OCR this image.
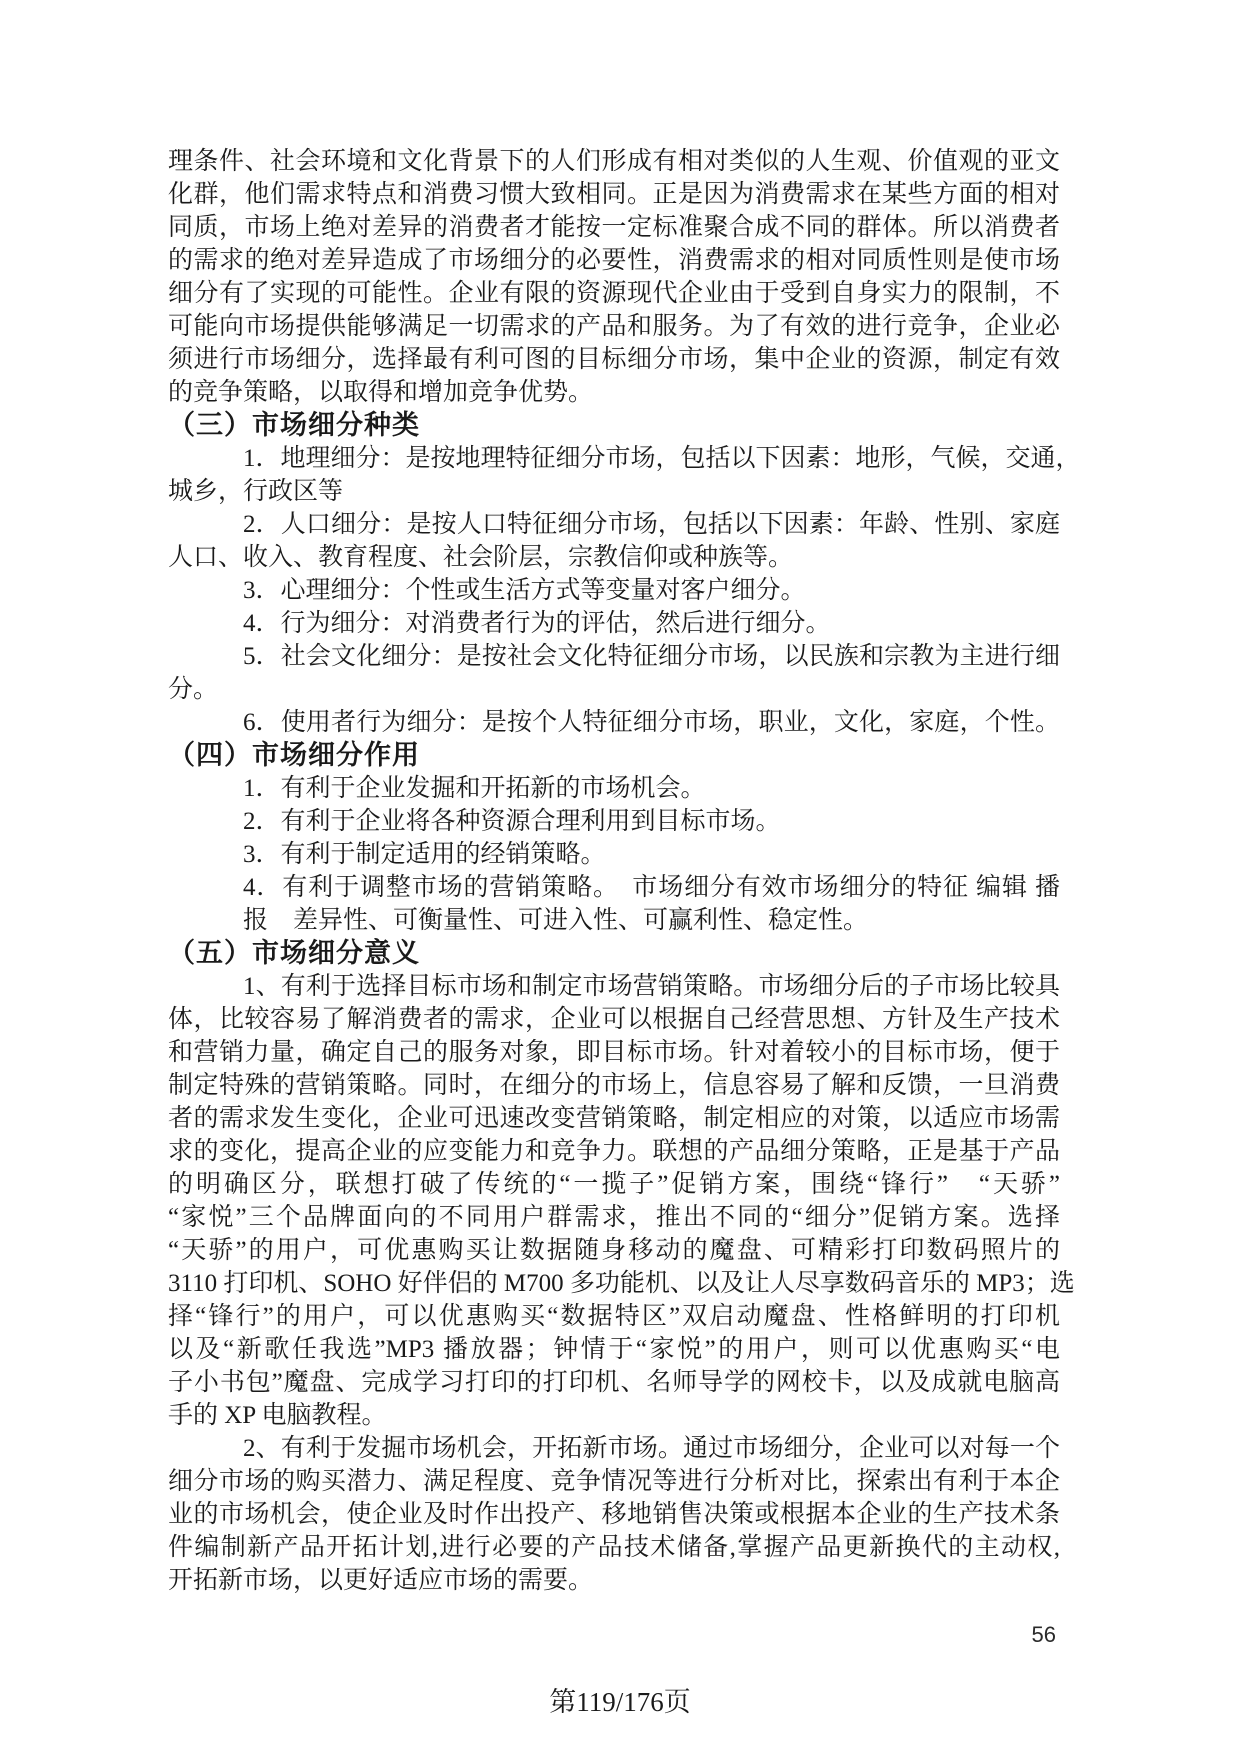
理条件、社会环境和文化背景下的人们形成有相对类似的人生观、价值观的亚文
化群，他们需求特点和消费习惯大致相同。正是因为消费需求在某些方面的相对
同质，市场上绝对差异的消费者才能按一定标准聚合成不同的群体。所以消费者
的需求的绝对差异造成了市场细分的必要性，消费需求的相对同质性则是使市场
细分有了实现的可能性。企业有限的资源现代企业由于受到自身实力的限制，不
可能向市场提供能够满足一切需求的产品和服务。为了有效的进行竞争，企业必
须进行市场细分，选择最有利可图的目标细分市场，集中企业的资源，制定有效
的竞争策略，以取得和增加竞争优势。
（三）市场细分种类
1．地理细分：是按地理特征细分市场，包括以下因素：地形，气候，交通，
城乡，行政区等
2．人口细分：是按人口特征细分市场，包括以下因素：年龄、性别、家庭
人口、收入、教育程度、社会阶层，宗教信仰或种族等。
3．心理细分：个性或生活方式等变量对客户细分。
4．行为细分：对消费者行为的评估，然后进行细分。
5．社会文化细分：是按社会文化特征细分市场，以民族和宗教为主进行细
分。
6．使用者行为细分：是按个人特征细分市场，职业，文化，家庭，个性。
（四）市场细分作用
1．有利于企业发掘和开拓新的市场机会。
2．有利于企业将各种资源合理利用到目标市场。
3．有利于制定适用的经销策略。
4．有利于调整市场的营销策略。　市场细分有效市场细分的特征 编辑 播
报　差异性、可衡量性、可进入性、可赢利性、稳定性。
（五）市场细分意义
1、有利于选择目标市场和制定市场营销策略。市场细分后的子市场比较具
体，比较容易了解消费者的需求，企业可以根据自己经营思想、方针及生产技术
和营销力量，确定自己的服务对象，即目标市场。针对着较小的目标市场，便于
制定特殊的营销策略。同时，在细分的市场上，信息容易了解和反馈，一旦消费
者的需求发生变化，企业可迅速改变营销策略，制定相应的对策，以适应市场需
求的变化，提高企业的应变能力和竞争力。联想的产品细分策略，正是基于产品
的明确区分，联想打破了传统的“一揽子”促销方案，围绕“锋行”　“天骄”
“家悦”三个品牌面向的不同用户群需求，推出不同的“细分”促销方案。选择
“天骄”的用户，可优惠购买让数据随身移动的魔盘、可精彩打印数码照片的
3110 打印机、SOHO 好伴侣的 M700 多功能机、以及让人尽享数码音乐的 MP3；选
择“锋行”的用户，可以优惠购买“数据特区”双启动魔盘、性格鲜明的打印机
以及“新歌任我选”MP3 播放器；钟情于“家悦”的用户，则可以优惠购买“电
子小书包”魔盘、完成学习打印的打印机、名师导学的网校卡，以及成就电脑高
手的 XP 电脑教程。
2、有利于发掘市场机会，开拓新市场。通过市场细分，企业可以对每一个
细分市场的购买潜力、满足程度、竞争情况等进行分析对比，探索出有利于本企
业的市场机会，使企业及时作出投产、移地销售决策或根据本企业的生产技术条
件编制新产品开拓计划,进行必要的产品技术储备,掌握产品更新换代的主动权,
开拓新市场，以更好适应市场的需要。
56
第119/176页
